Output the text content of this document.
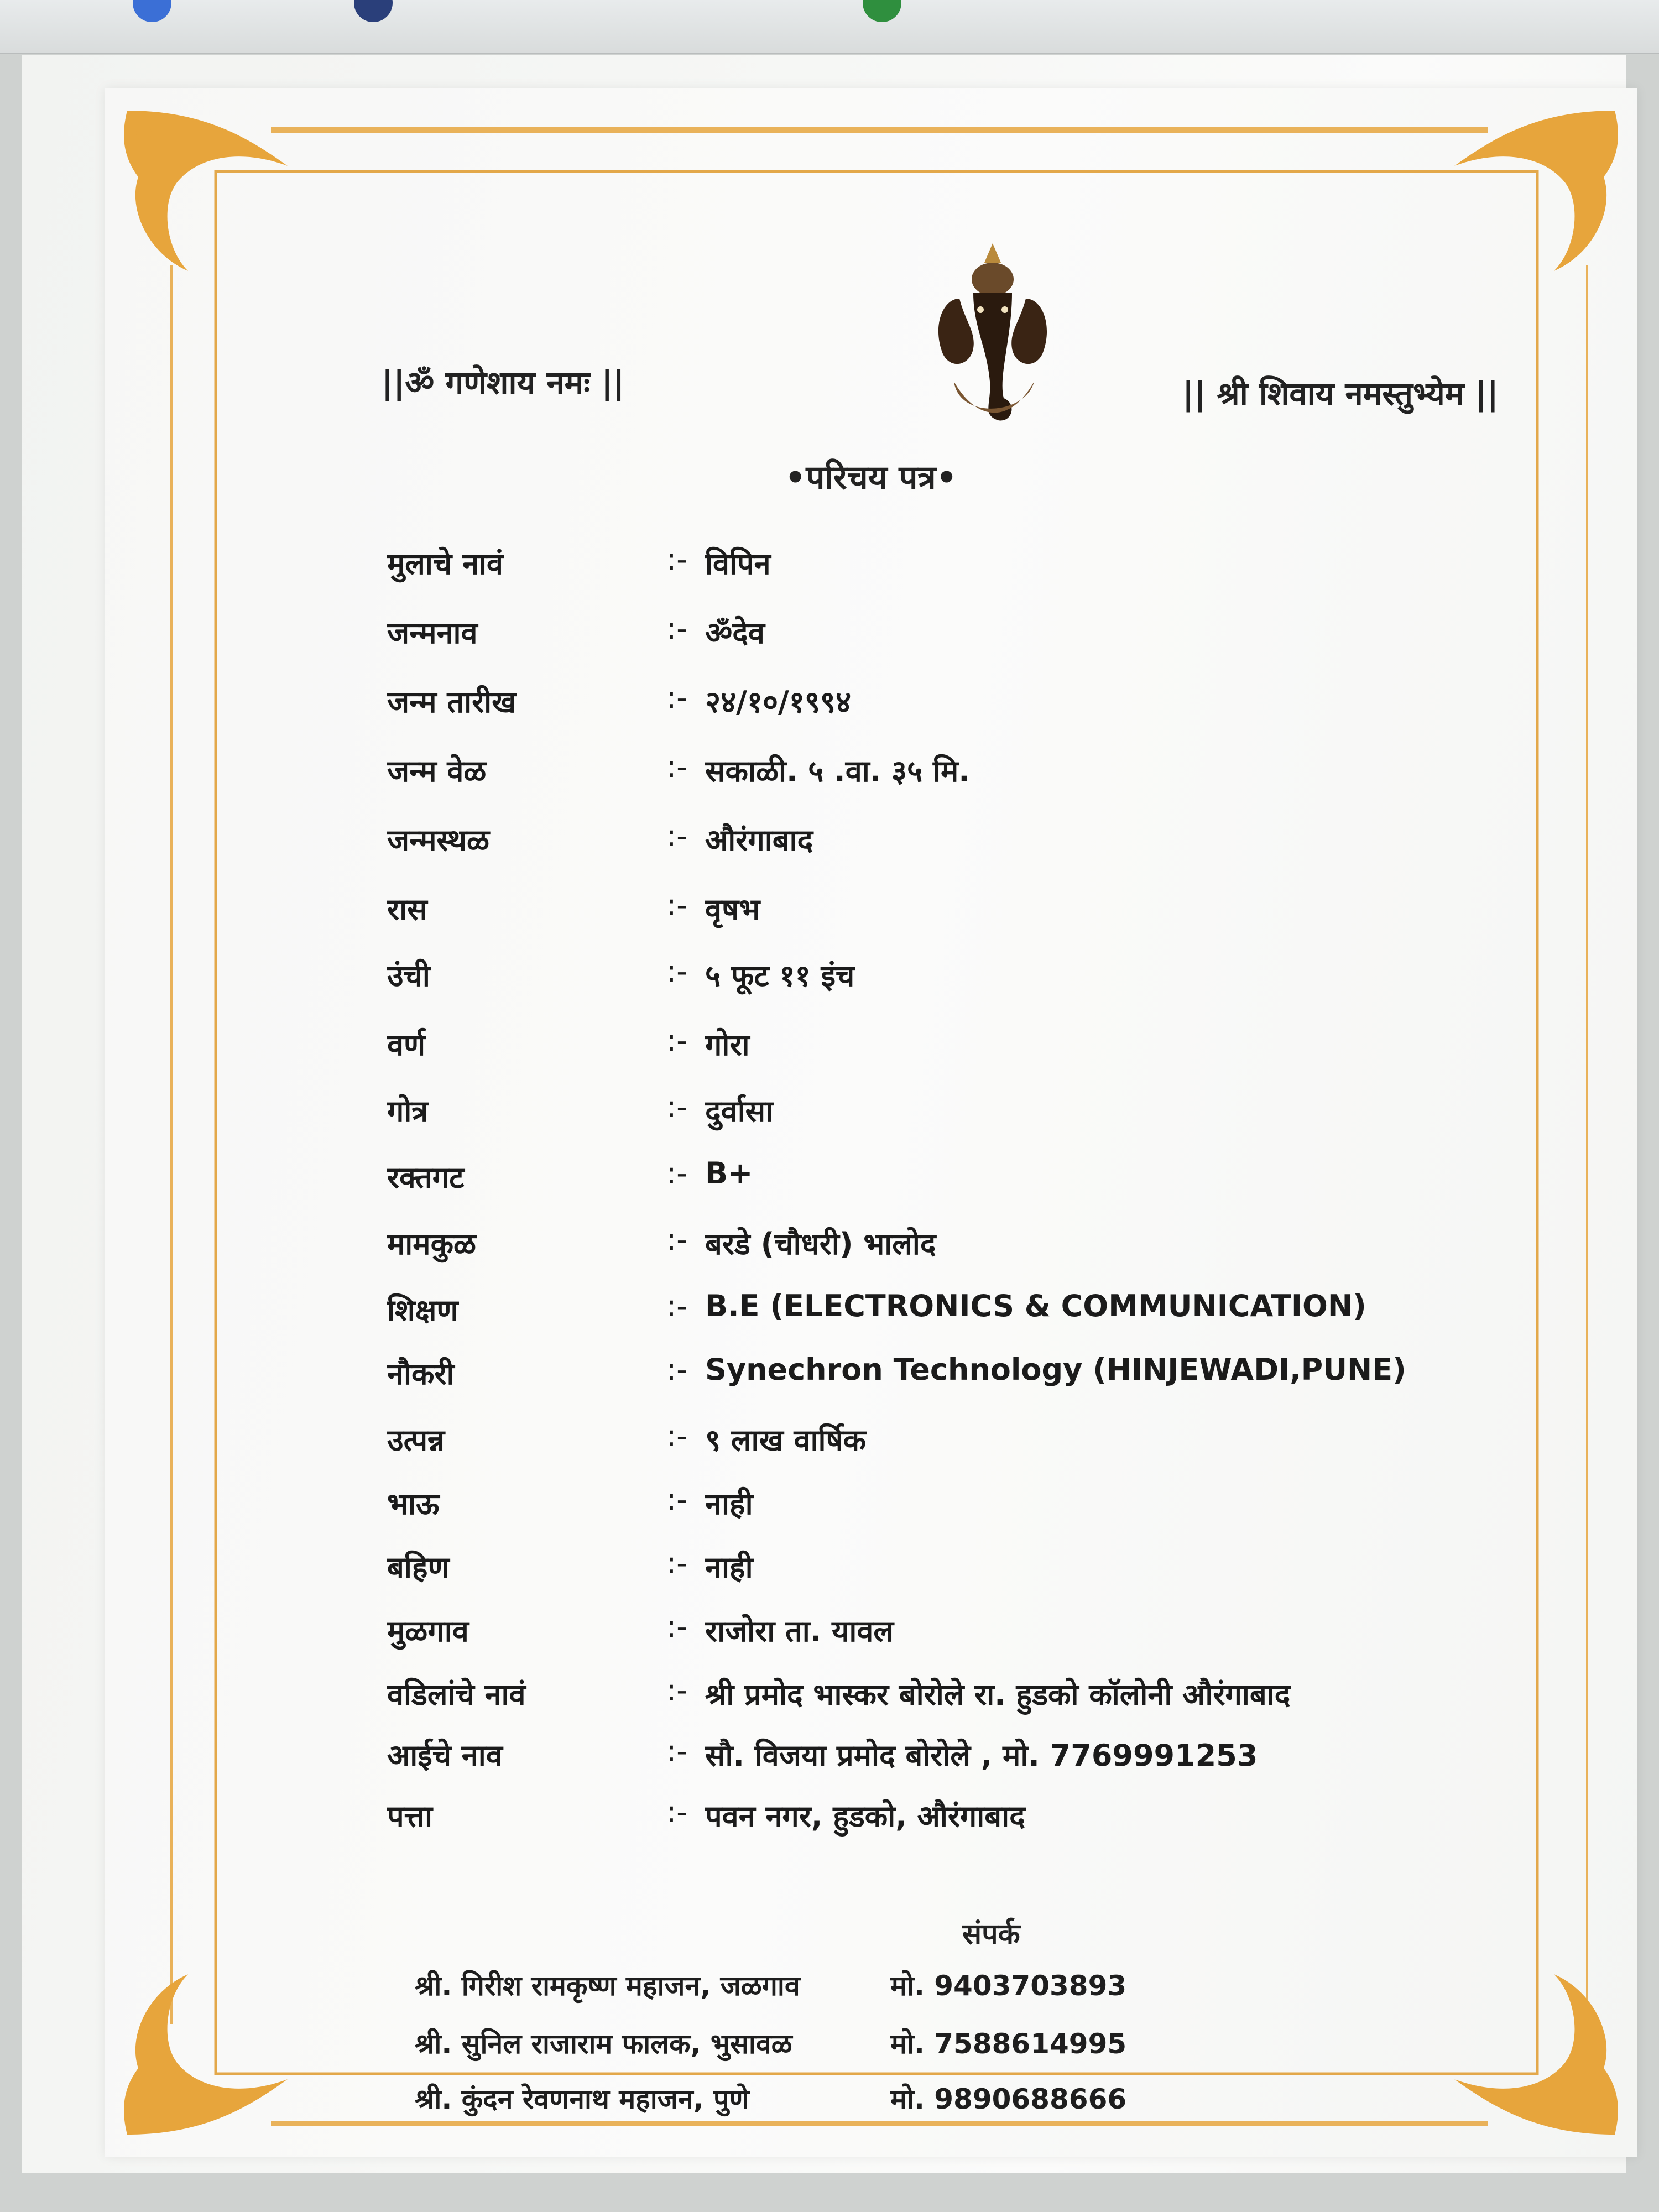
||ॐ गणेशाय नमः ||	|| श्री शिवाय नमस्तुभ्येम ||
•परिचय पत्र•
मुलाचे नावं	:- विपिन
जन्मनाव	:- ॐदेव
जन्म तारीख	:- २४/१०/१९९४
जन्म वेळ	:- सकाळी. ५ .वा. ३५ मि.
जन्मस्थळ	:- औरंगाबाद
रास	:- वृषभ
उंची	:- ५ फूट ११ इंच
वर्ण	:- गोरा
गोत्र	:- दुर्वासा
रक्तगट	:- B+
मामकुळ	:- बरडे (चौधरी) भालोद
शिक्षण	:- B.E (ELECTRONICS & COMMUNICATION)
नौकरी	:- Synechron Technology (HINJEWADI,PUNE)
उत्पन्न	:- ९ लाख वार्षिक
भाऊ	:- नाही
बहिण	:- नाही
मुळगाव	:- राजोरा ता. यावल
वडिलांचे नावं	:- श्री प्रमोद भास्कर बोरोले रा. हुडको कॉलोनी औरंगाबाद
आईचे नाव	:- सौ. विजया प्रमोद बोरोले , मो. 7769991253
पत्ता	:- पवन नगर, हुडको, औरंगाबाद
संपर्क
श्री. गिरीश रामकृष्ण महाजन, जळगाव	मो. 9403703893
श्री. सुनिल राजाराम फालक, भुसावळ	मो. 7588614995
श्री. कुंदन रेवणनाथ महाजन, पुणे	मो. 9890688666
